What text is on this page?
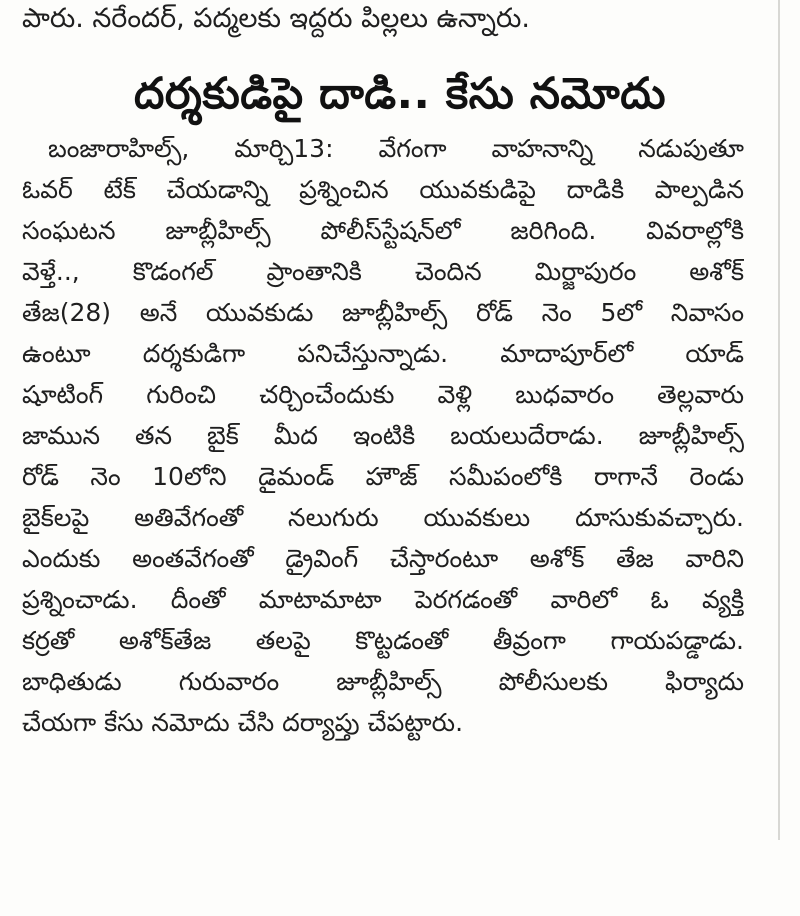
పారు. నరేందర్, పద్మలకు ఇద్దరు పిల్లలు ఉన్నారు.
దర్శకుడిపై దాడి.. కేసు నమోదు
బంజారాహిల్స్, మార్చి13: వేగంగా వాహనాన్ని నడుపుతూ
ఓవర్ టేక్ చేయడాన్ని ప్రశ్నించిన యువకుడిపై దాడికి పాల్పడిన
సంఘటన జూబ్లీహిల్స్ పోలీస్‌స్టేషన్‌లో జరిగింది. వివరాల్లోకి
వెళ్తే.., కొడంగల్ ప్రాంతానికి చెందిన మిర్జాపురం అశోక్
తేజ(28) అనే యువకుడు జూబ్లీహిల్స్ రోడ్ నెం 5లో నివాసం
ఉంటూ దర్శకుడిగా పనిచేస్తున్నాడు. మాదాపూర్‌లో యాడ్
షూటింగ్ గురించి చర్చించేందుకు వెళ్లి బుధవారం తెల్లవారు
జామున తన బైక్ మీద ఇంటికి బయలుదేరాడు. జూబ్లీహిల్స్
రోడ్ నెం 10లోని డైమండ్ హౌజ్ సమీపంలోకి రాగానే రెండు
బైక్‌లపై అతివేగంతో నలుగురు యువకులు దూసుకువచ్చారు.
ఎందుకు అంతవేగంతో డ్రైవింగ్ చేస్తారంటూ అశోక్ తేజ వారిని
ప్రశ్నించాడు. దీంతో మాటామాటా పెరగడంతో వారిలో ఓ వ్యక్తి
కర్రతో అశోక్‌తేజ తలపై కొట్టడంతో తీవ్రంగా గాయపడ్డాడు.
బాధితుడు గురువారం జూబ్లీహిల్స్ పోలీసులకు ఫిర్యాదు
చేయగా కేసు నమోదు చేసి దర్యాప్తు చేపట్టారు.
